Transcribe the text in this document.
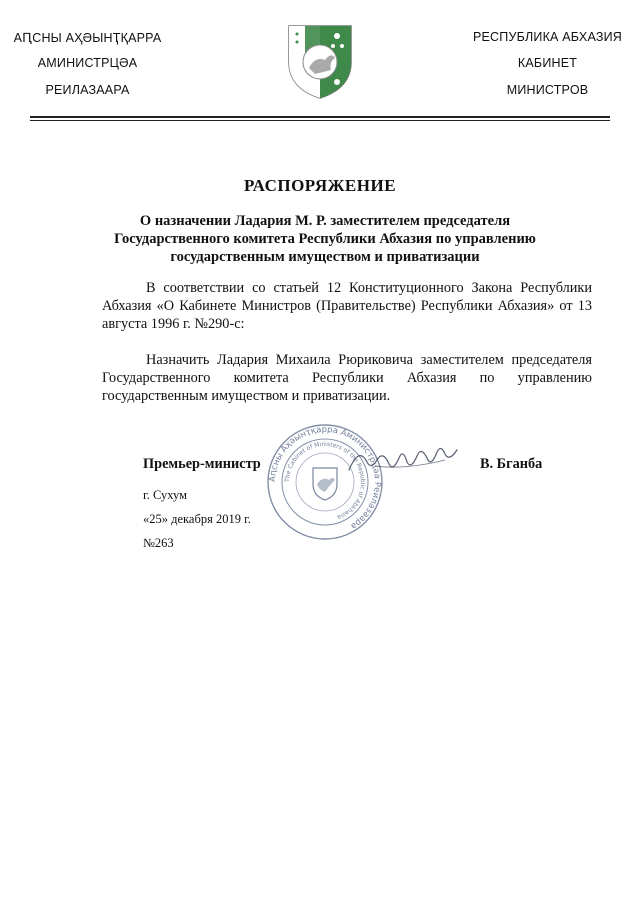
АԤСНЫ АҲӘЫНҬҚАРРА
АМИНИСТРЦӘА
РЕИЛАЗААРА
РЕСПУБЛИКА АБХАЗИЯ
КАБИНЕТ
МИНИСТРОВ
РАСПОРЯЖЕНИЕ
О назначении Ладария М. Р. заместителем председателя Государственного комитета Республики Абхазия по управлению государственным имуществом и приватизации
В соответствии со статьей 12 Конституционного Закона Республики Абхазия «О Кабинете Министров (Правительстве) Республики Абхазия» от 13 августа 1996 г. №290-с:
Назначить Ладария Михаила Рюриковича заместителем председателя Государственного комитета Республики Абхазия по управлению государственным имуществом и приватизации.
Аԥсны Аҳәынҭқарра Аминистрцәа Реилазаара
The Cabinet of Ministers of the Republic of Abkhazia
Премьер-министр	В. Бганба
г. Сухум
«25» декабря 2019 г.
№263
